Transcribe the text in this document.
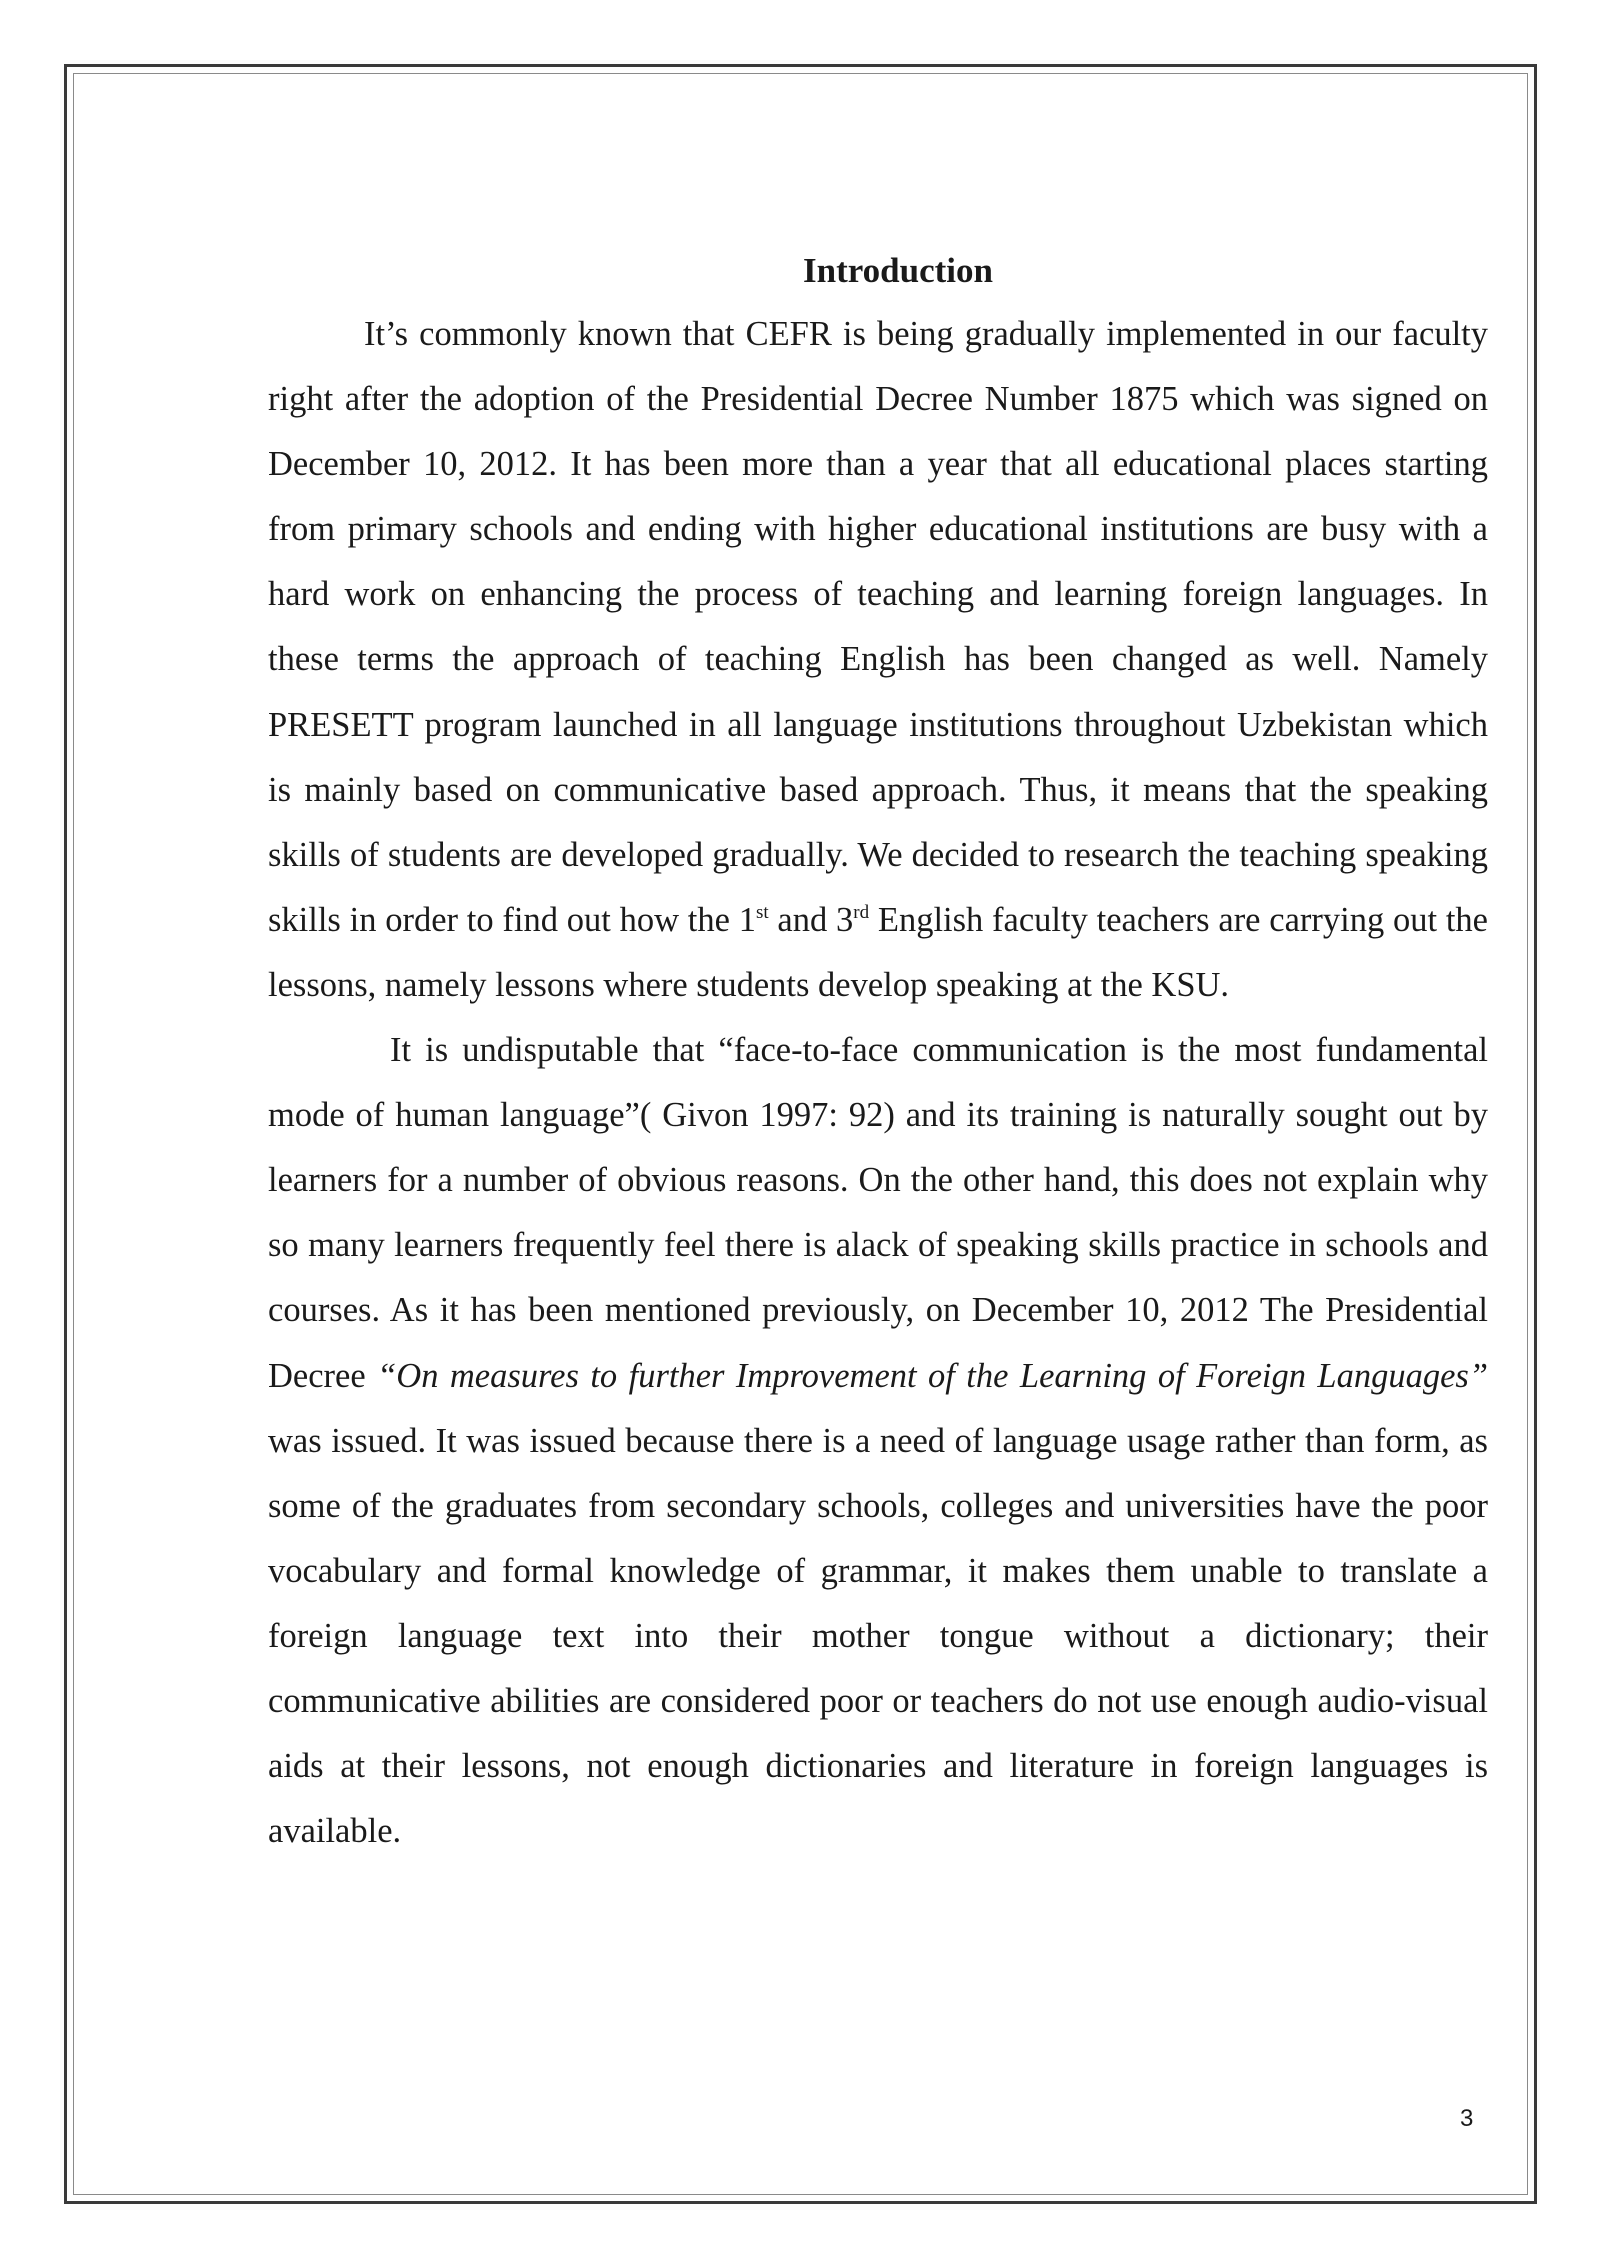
Introduction

It’s commonly known that CEFR is being gradually implemented in our faculty right after the adoption of the Presidential Decree Number 1875 which was signed on December 10, 2012. It has been more than a year that all educational places starting from primary schools and ending with higher educational institutions are busy with a hard work on enhancing the process of teaching and learning foreign languages. In these terms the approach of teaching English has been changed as well. Namely PRESETT program launched in all language institutions throughout Uzbekistan which is mainly based on communicative based approach. Thus, it means that the speaking skills of students are developed gradually. We decided to research the teaching speaking skills in order to find out how the 1st and 3rd English faculty teachers are carrying out the lessons, namely lessons where students develop speaking at the KSU.

It is undisputable that “face-to-face communication is the most fundamental mode of human language”( Givon 1997: 92) and its training is naturally sought out by learners for a number of obvious reasons. On the other hand, this does not explain why so many learners frequently feel there is alack of speaking skills practice in schools and courses. As it has been mentioned previously, on December 10, 2012 The Presidential Decree “On measures to further Improvement of the Learning of Foreign Languages” was issued. It was issued because there is a need of language usage rather than form, as some of the graduates from secondary schools, colleges and universities have the poor vocabulary and formal knowledge of grammar, it makes them unable to translate a foreign language text into their mother tongue without a dictionary; their communicative abilities are considered poor or teachers do not use enough audio-visual aids at their lessons, not enough dictionaries and literature in foreign languages is available.

3
